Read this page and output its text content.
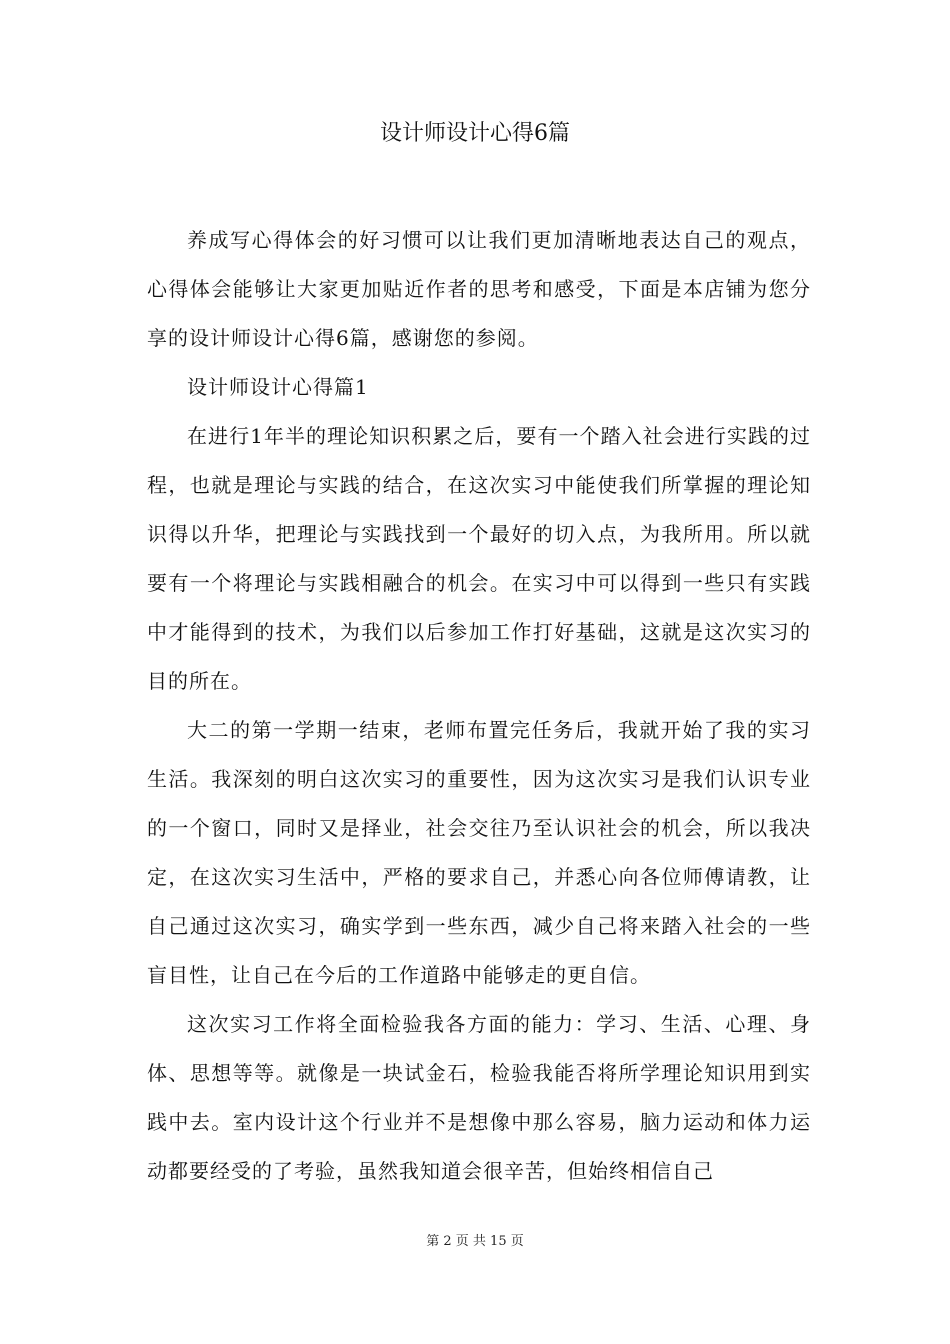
设计师设计心得6篇

养成写心得体会的好习惯可以让我们更加清晰地表达自己的观点，心得体会能够让大家更加贴近作者的思考和感受，下面是本店铺为您分享的设计师设计心得6篇，感谢您的参阅。

设计师设计心得篇1

在进行1年半的理论知识积累之后，要有一个踏入社会进行实践的过程，也就是理论与实践的结合，在这次实习中能使我们所掌握的理论知识得以升华，把理论与实践找到一个最好的切入点，为我所用。所以就要有一个将理论与实践相融合的机会。在实习中可以得到一些只有实践中才能得到的技术，为我们以后参加工作打好基础，这就是这次实习的目的所在。

大二的第一学期一结束，老师布置完任务后，我就开始了我的实习生活。我深刻的明白这次实习的重要性，因为这次实习是我们认识专业的一个窗口，同时又是择业，社会交往乃至认识社会的机会，所以我决定，在这次实习生活中，严格的要求自己，并悉心向各位师傅请教，让自己通过这次实习，确实学到一些东西，减少自己将来踏入社会的一些盲目性，让自己在今后的工作道路中能够走的更自信。

这次实习工作将全面检验我各方面的能力：学习、生活、心理、身体、思想等等。就像是一块试金石，检验我能否将所学理论知识用到实践中去。室内设计这个行业并不是想像中那么容易，脑力运动和体力运动都要经受的了考验，虽然我知道会很辛苦，但始终相信自己

第 2 页 共 15 页
